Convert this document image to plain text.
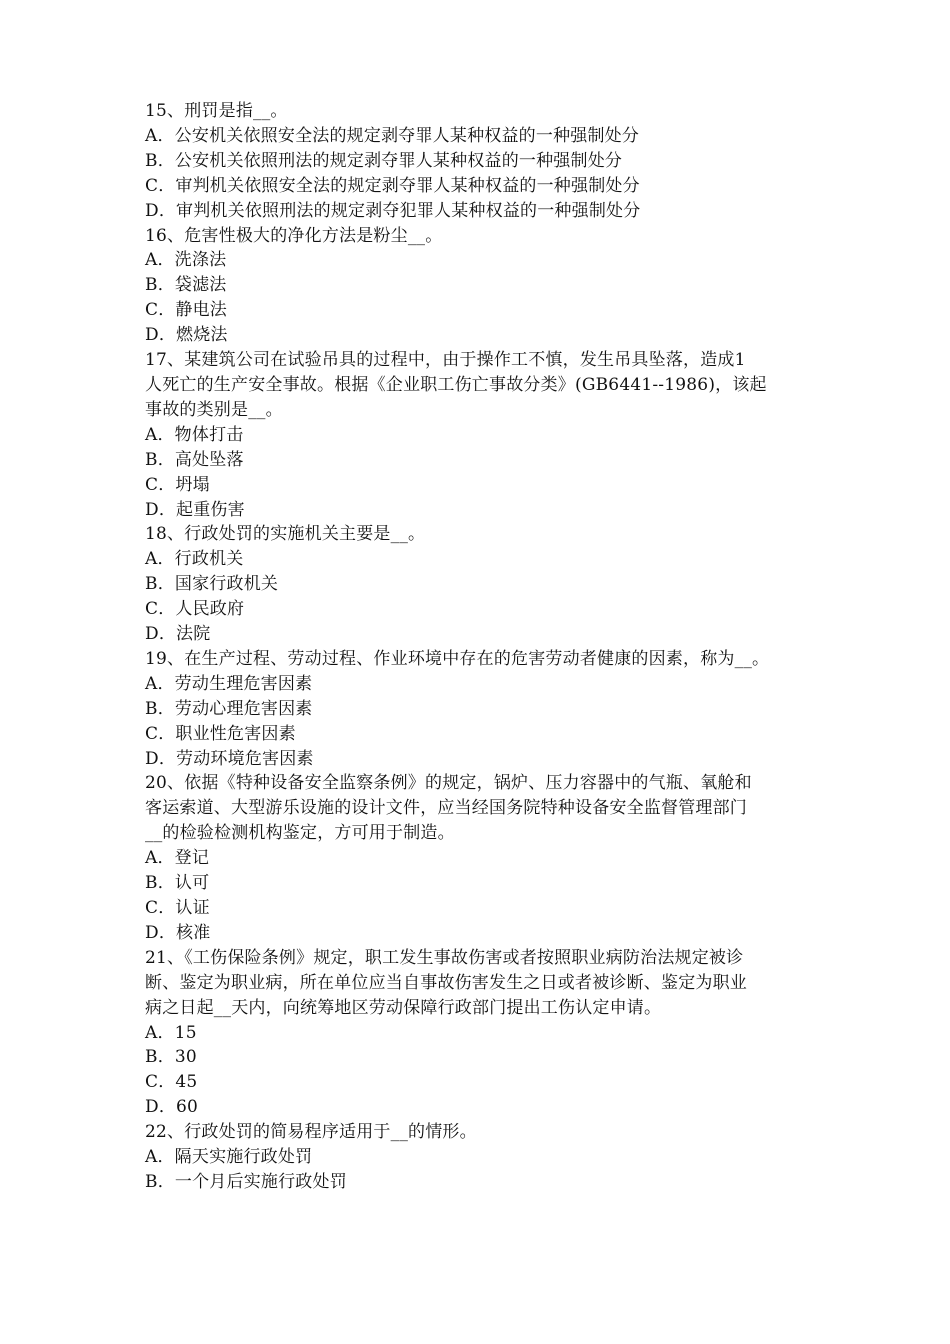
15、刑罚是指__。
A．公安机关依照安全法的规定剥夺罪人某种权益的一种强制处分
B．公安机关依照刑法的规定剥夺罪人某种权益的一种强制处分
C．审判机关依照安全法的规定剥夺罪人某种权益的一种强制处分
D．审判机关依照刑法的规定剥夺犯罪人某种权益的一种强制处分
16、危害性极大的净化方法是粉尘__。
A．洗涤法
B．袋滤法
C．静电法
D．燃烧法
17、某建筑公司在试验吊具的过程中，由于操作工不慎，发生吊具坠落，造成1
人死亡的生产安全事故。根据《企业职工伤亡事故分类》(GB6441--1986)，该起
事故的类别是__。
A．物体打击
B．高处坠落
C．坍塌
D．起重伤害
18、行政处罚的实施机关主要是__。
A．行政机关
B．国家行政机关
C．人民政府
D．法院
19、在生产过程、劳动过程、作业环境中存在的危害劳动者健康的因素，称为__。
A．劳动生理危害因素
B．劳动心理危害因素
C．职业性危害因素
D．劳动环境危害因素
20、依据《特种设备安全监察条例》的规定，锅炉、压力容器中的气瓶、氧舱和
客运索道、大型游乐设施的设计文件，应当经国务院特种设备安全监督管理部门
__的检验检测机构鉴定，方可用于制造。
A．登记
B．认可
C．认证
D．核准
21、《工伤保险条例》规定，职工发生事故伤害或者按照职业病防治法规定被诊
断、鉴定为职业病，所在单位应当自事故伤害发生之日或者被诊断、鉴定为职业
病之日起__天内，向统筹地区劳动保障行政部门提出工伤认定申请。
A．15
B．30
C．45
D．60
22、行政处罚的简易程序适用于__的情形。
A．隔天实施行政处罚
B．一个月后实施行政处罚
